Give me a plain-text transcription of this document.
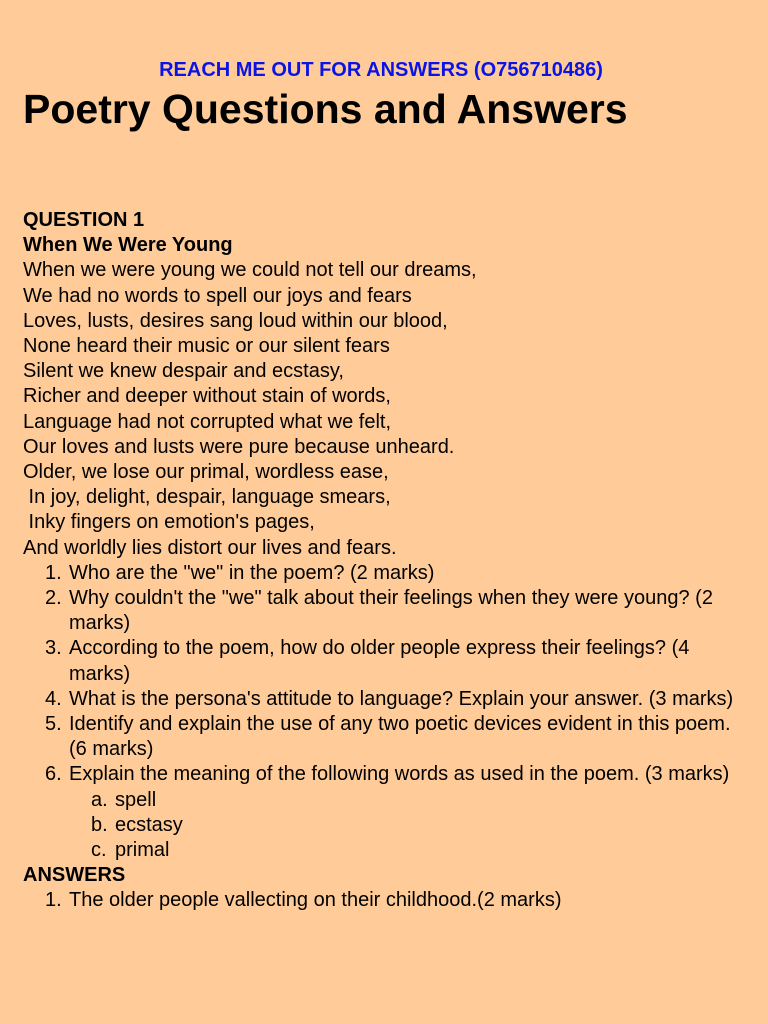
REACH ME OUT FOR ANSWERS (O756710486)
Poetry Questions and Answers
QUESTION 1
When We Were Young
When we were young we could not tell our dreams,
We had no words to spell our joys and fears
Loves, lusts, desires sang loud within our blood,
None heard their music or our silent fears
Silent we knew despair and ecstasy,
Richer and deeper without stain of words,
Language had not corrupted what we felt,
Our loves and lusts were pure because unheard.
Older, we lose our primal, wordless ease,
In joy, delight, despair, language smears,
Inky fingers on emotion's pages,
And worldly lies distort our lives and fears.
1. Who are the "we" in the poem? (2 marks)
2. Why couldn't the "we" talk about their feelings when they were young? (2 marks)
3. According to the poem, how do older people express their feelings? (4 marks)
4. What is the persona's attitude to language? Explain your answer. (3 marks)
5. Identify and explain the use of any two poetic devices evident in this poem. (6 marks)
6. Explain the meaning of the following words as used in the poem. (3 marks)
a. spell
b. ecstasy
c. primal
ANSWERS
1. The older people vallecting on their childhood.(2 marks)
